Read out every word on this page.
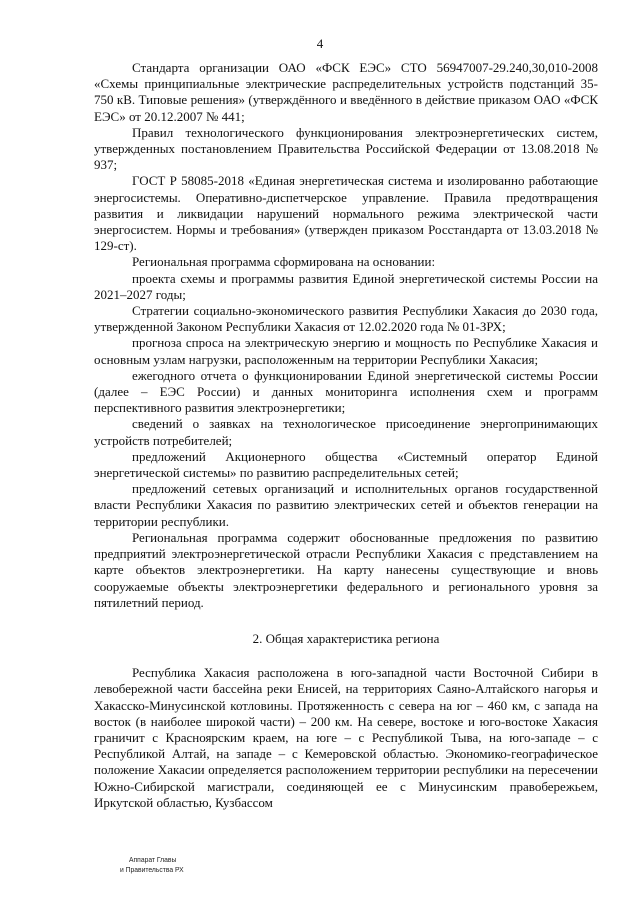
4

Стандарта организации ОАО «ФСК ЕЭС» СТО 56947007-29.240,30,010-2008 «Схемы принципиальные электрические распределительных устройств подстанций 35-750 кВ. Типовые решения» (утверждённого и введённого в действие приказом ОАО «ФСК ЕЭС» от 20.12.2007 № 441;

Правил технологического функционирования электроэнергетических систем, утвержденных постановлением Правительства Российской Федерации от 13.08.2018 № 937;

ГОСТ Р 58085-2018 «Единая энергетическая система и изолированно работающие энергосистемы. Оперативно-диспетчерское управление. Правила предотвращения развития и ликвидации нарушений нормального режима электрической части энергосистем. Нормы и требования» (утвержден приказом Росстандарта от 13.03.2018 № 129-ст).

Региональная программа сформирована на основании:

проекта схемы и программы развития Единой энергетической системы России на 2021–2027 годы;

Стратегии социально-экономического развития Республики Хакасия до 2030 года, утвержденной Законом Республики Хакасия от 12.02.2020 года № 01-ЗРХ;

прогноза спроса на электрическую энергию и мощность по Республике Хакасия и основным узлам нагрузки, расположенным на территории Республики Хакасия;

ежегодного отчета о функционировании Единой энергетической системы России (далее – ЕЭС России) и данных мониторинга исполнения схем и программ перспективного развития электроэнергетики;

сведений о заявках на технологическое присоединение энергопринимающих устройств потребителей;

предложений Акционерного общества «Системный оператор Единой энергетической системы» по развитию распределительных сетей;

предложений сетевых организаций и исполнительных органов государственной власти Республики Хакасия по развитию электрических сетей и объектов генерации на территории республики.

Региональная программа содержит обоснованные предложения по развитию предприятий электроэнергетической отрасли Республики Хакасия с представлением на карте объектов электроэнергетики. На карту нанесены существующие и вновь сооружаемые объекты электроэнергетики федерального и регионального уровня за пятилетний период.

2. Общая характеристика региона

Республика Хакасия расположена в юго-западной части Восточной Сибири в левобережной части бассейна реки Енисей, на территориях Саяно-Алтайского нагорья и Хакасско-Минусинской котловины. Протяженность с севера на юг – 460 км, с запада на восток (в наиболее широкой части) – 200 км. На севере, востоке и юго-востоке Хакасия граничит с Красноярским краем, на юге – с Республикой Тыва, на юго-западе – с Республикой Алтай, на западе – с Кемеровской областью. Экономико-географическое положение Хакасии определяется расположением территории республики на пересечении Южно-Сибирской магистрали, соединяющей ее с Минусинским правобережьем, Иркутской областью, Кузбассом

Аппарат Главы
и Правительства РХ
